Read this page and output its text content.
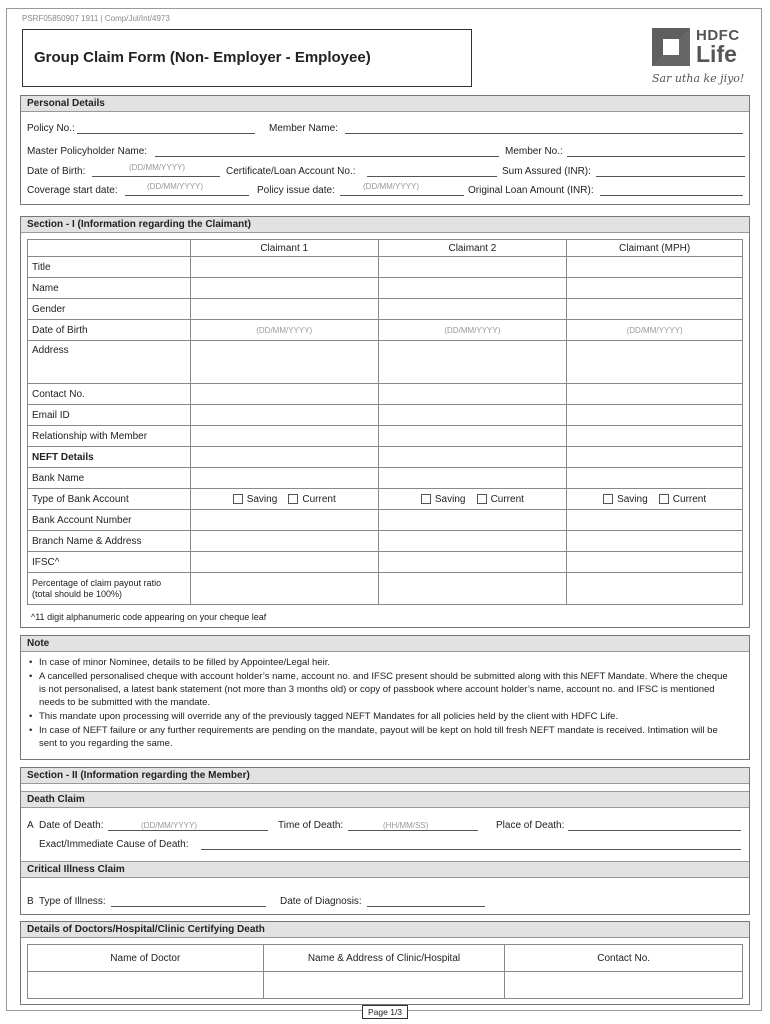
PSRF05850907 1911 | Comp/Jul/Int/4973
Group Claim Form (Non- Employer - Employee)
HDFC
Life
Sar utha ke jiyo!
Personal Details
Policy No.:	Member Name:
Master Policyholder Name:	Member No.:
Date of Birth:	(DD/MM/YYYY)	Certificate/Loan Account No.:	Sum Assured (INR):
Coverage start date:	(DD/MM/YYYY)	Policy issue date:	(DD/MM/YYYY)	Original Loan Amount (INR):
Section - I (Information regarding the Claimant)
	Claimant 1	Claimant 2	Claimant (MPH)
Title			
Name			
Gender			
Date of Birth	(DD/MM/YYYY)	(DD/MM/YYYY)	(DD/MM/YYYY)
Address			
Contact No.			
Email ID			
Relationship with Member			
NEFT Details			
Bank Name			
Type of Bank Account	Saving Current	Saving Current	Saving Current
Bank Account Number			
Branch Name & Address			
IFSC^			
Percentage of claim payout ratio
(total should be 100%)			
^11 digit alphanumeric code appearing on your cheque leaf
Note
• In case of minor Nominee, details to be filled by Appointee/Legal heir.
• A cancelled personalised cheque with account holder’s name, account no. and IFSC present should be submitted along with this NEFT Mandate. Where the cheque is not personalised, a latest bank statement (not more than 3 months old) or copy of passbook where account holder’s name, account no. and IFSC is mentioned needs to be submitted with the mandate.
• This mandate upon processing will override any of the previously tagged NEFT Mandates for all policies held by the client with HDFC Life.
• In case of NEFT failure or any further requirements are pending on the mandate, payout will be kept on hold till fresh NEFT mandate is received. Intimation will be sent to you regarding the same.
Section - II (Information regarding the Member)
Death Claim
A Date of Death:	(DD/MM/YYYY)	Time of Death:	(HH/MM/SS)	Place of Death:
Exact/Immediate Cause of Death:
Critical Illness Claim
B Type of Illness:	Date of Diagnosis:
Details of Doctors/Hospital/Clinic Certifying Death
Name of Doctor	Name & Address of Clinic/Hospital	Contact No.

Page 1/3
